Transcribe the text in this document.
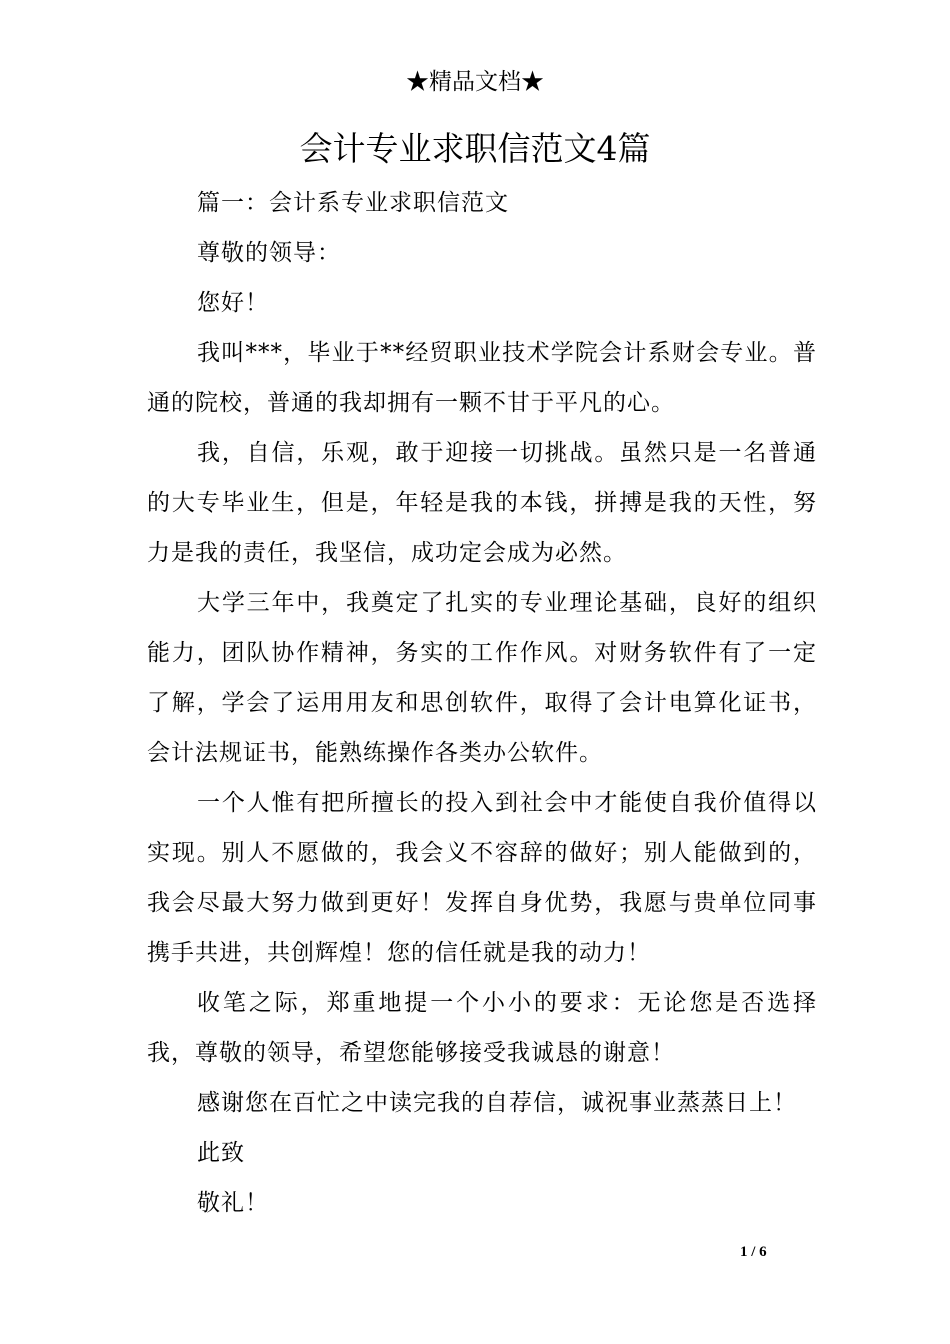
★精品文档★
会计专业求职信范文4篇

篇一：会计系专业求职信范文

尊敬的领导：

您好！

我叫***，毕业于**经贸职业技术学院会计系财会专业。普通的院校，普通的我却拥有一颗不甘于平凡的心。

我，自信，乐观，敢于迎接一切挑战。虽然只是一名普通的大专毕业生，但是，年轻是我的本钱，拼搏是我的天性，努力是我的责任，我坚信，成功定会成为必然。

大学三年中，我奠定了扎实的专业理论基础，良好的组织能力，团队协作精神，务实的工作作风。对财务软件有了一定了解，学会了运用用友和思创软件，取得了会计电算化证书，会计法规证书，能熟练操作各类办公软件。

一个人惟有把所擅长的投入到社会中才能使自我价值得以实现。别人不愿做的，我会义不容辞的做好；别人能做到的，我会尽最大努力做到更好！发挥自身优势，我愿与贵单位同事携手共进，共创辉煌！您的信任就是我的动力！

收笔之际，郑重地提一个小小的要求：无论您是否选择我，尊敬的领导，希望您能够接受我诚恳的谢意！

感谢您在百忙之中读完我的自荐信，诚祝事业蒸蒸日上！

此致

敬礼！

1 / 6
